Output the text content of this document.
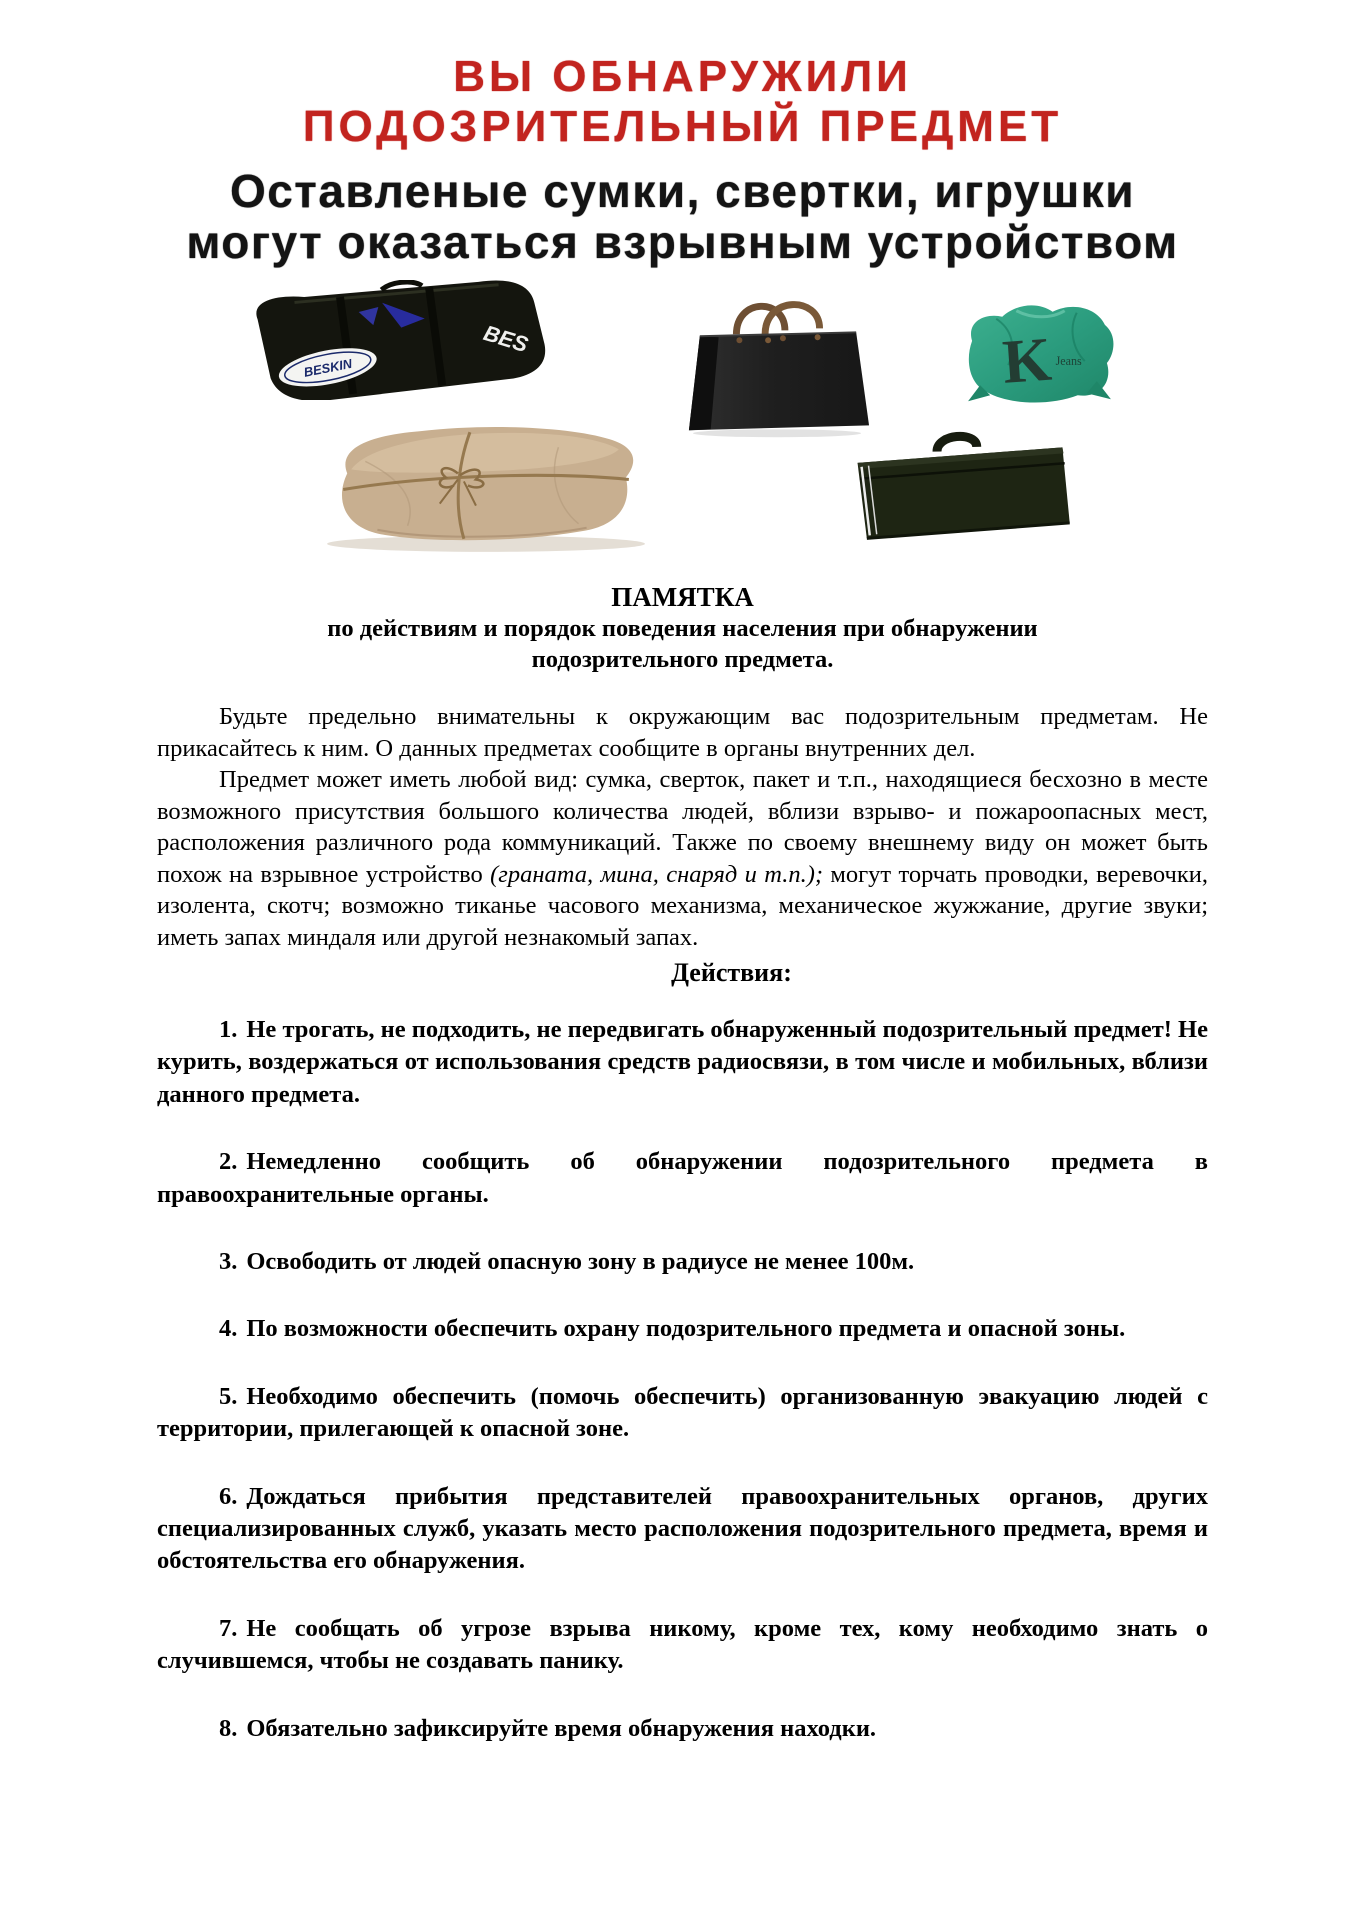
ВЫ ОБНАРУЖИЛИ
ПОДОЗРИТЕЛЬНЫЙ ПРЕДМЕТ
Оставленые сумки, свертки, игрушки
могут оказаться взрывным устройством
BESKIN
BES	K Jeans
ПАМЯТКА
по действиям и порядок поведения населения при обнаружении
подозрительного предмета.

Будьте предельно внимательны к окружающим вас подозрительным предметам. Не прикасайтесь к ним. О данных предметах сообщите в органы внутренних дел.

Предмет может иметь любой вид: сумка, сверток, пакет и т.п., находящиеся бесхозно в месте возможного присутствия большого количества людей, вблизи взрыво- и пожароопасных мест, расположения различного рода коммуникаций. Также по своему внешнему виду он может быть похож на взрывное устройство (граната, мина, снаряд и т.п.); могут торчать проводки, веревочки, изолента, скотч; возможно тиканье часового механизма, механическое жужжание, другие звуки; иметь запах миндаля или другой незнакомый запах.

Действия:

1. Не трогать, не подходить, не передвигать обнаруженный подозрительный предмет! Не курить, воздержаться от использования средств радиосвязи, в том числе и мобильных, вблизи данного предмета.

2. Немедленно сообщить об обнаружении подозрительного предмета в правоохранительные органы.

3. Освободить от людей опасную зону в радиусе не менее 100м.

4. По возможности обеспечить охрану подозрительного предмета и опасной зоны.

5. Необходимо обеспечить (помочь обеспечить) организованную эвакуацию людей с территории, прилегающей к опасной зоне.

6. Дождаться прибытия представителей правоохранительных органов, других специализированных служб, указать место расположения подозрительного предмета, время и обстоятельства его обнаружения.

7. Не сообщать об угрозе взрыва никому, кроме тех, кому необходимо знать о случившемся, чтобы не создавать панику.

8. Обязательно зафиксируйте время обнаружения находки.
